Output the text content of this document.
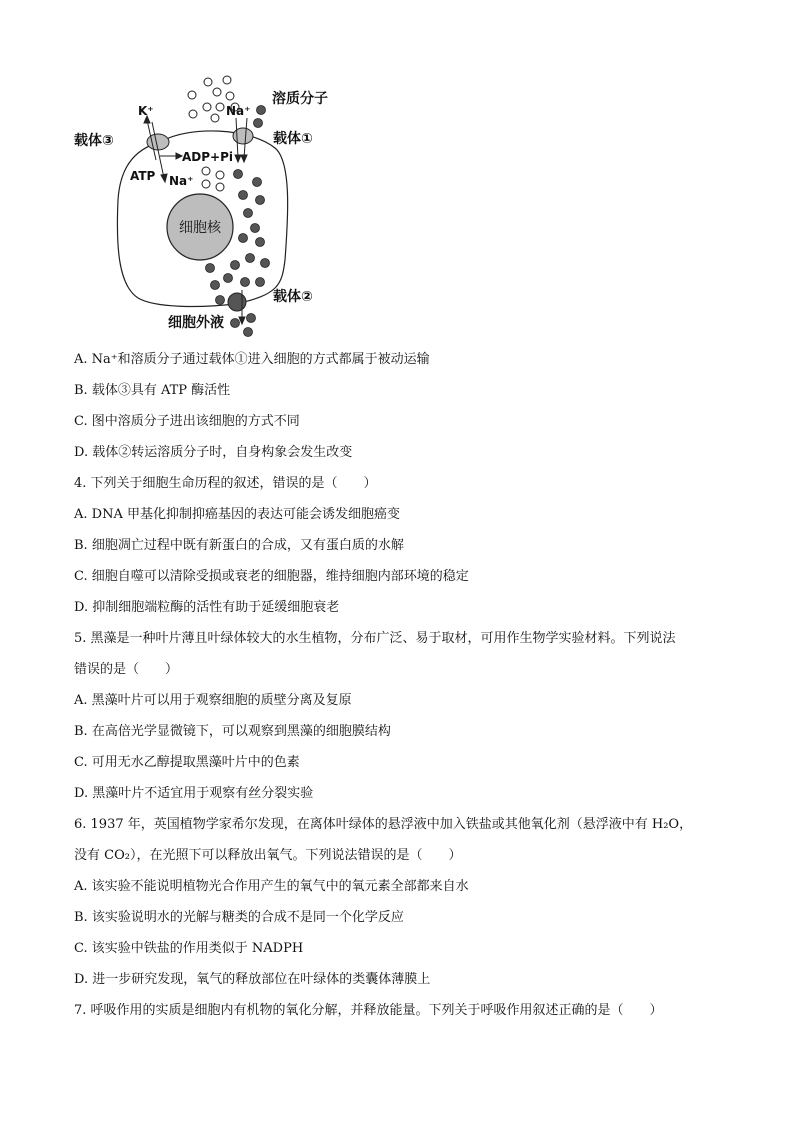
细胞核
溶质分子
载体①
载体③
载体②
K⁺	Na⁺
ADP+Pi
ATP Na⁺
细胞外液
A. Na⁺和溶质分子通过载体①进入细胞的方式都属于被动运输
B. 载体③具有 ATP 酶活性
C. 图中溶质分子进出该细胞的方式不同
D. 载体②转运溶质分子时，自身构象会发生改变
4. 下列关于细胞生命历程的叙述，错误的是（　　）
A. DNA 甲基化抑制抑癌基因的表达可能会诱发细胞癌变
B. 细胞凋亡过程中既有新蛋白的合成，又有蛋白质的水解
C. 细胞自噬可以清除受损或衰老的细胞器，维持细胞内部环境的稳定
D. 抑制细胞端粒酶的活性有助于延缓细胞衰老
5. 黑藻是一种叶片薄且叶绿体较大的水生植物，分布广泛、易于取材，可用作生物学实验材料。下列说法
错误的是（　　）
A. 黑藻叶片可以用于观察细胞的质壁分离及复原
B. 在高倍光学显微镜下，可以观察到黑藻的细胞膜结构
C. 可用无水乙醇提取黑藻叶片中的色素
D. 黑藻叶片不适宜用于观察有丝分裂实验
6. 1937 年，英国植物学家希尔发现，在离体叶绿体的悬浮液中加入铁盐或其他氧化剂（悬浮液中有 H₂O，
没有 CO₂），在光照下可以释放出氧气。下列说法错误的是（　　）
A. 该实验不能说明植物光合作用产生的氧气中的氧元素全部都来自水
B. 该实验说明水的光解与糖类的合成不是同一个化学反应
C. 该实验中铁盐的作用类似于 NADPH
D. 进一步研究发现，氧气的释放部位在叶绿体的类囊体薄膜上
7. 呼吸作用的实质是细胞内有机物的氧化分解，并释放能量。下列关于呼吸作用叙述正确的是（　　）
